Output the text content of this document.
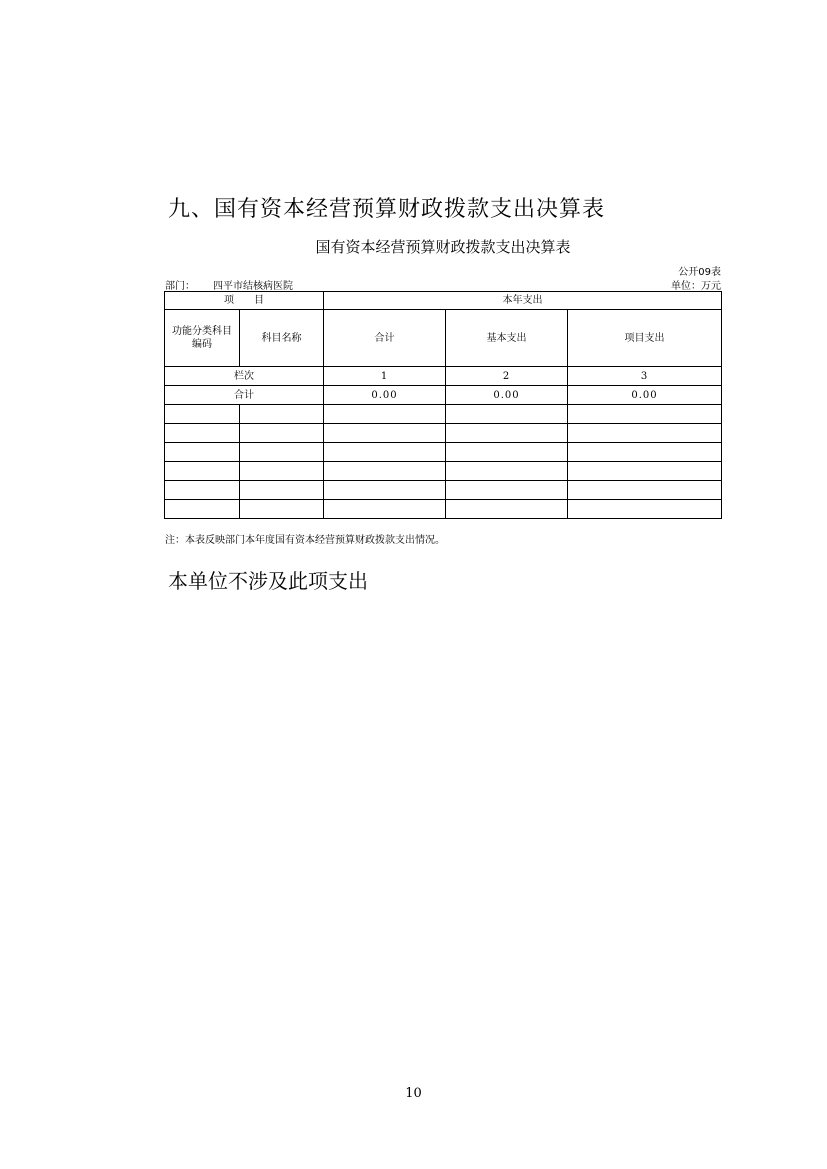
九、国有资本经营预算财政拨款支出决算表
国有资本经营预算财政拨款支出决算表
公开09表
部门： 四平市结核病医院	单位：万元
项　　目		本年支出		
功能分类科目编码	科目名称	合计	基本支出	项目支出
栏次		1	2	3
合计		0.00	0.00	0.00

注：本表反映部门本年度国有资本经营预算财政拨款支出情况。
本单位不涉及此项支出
10
